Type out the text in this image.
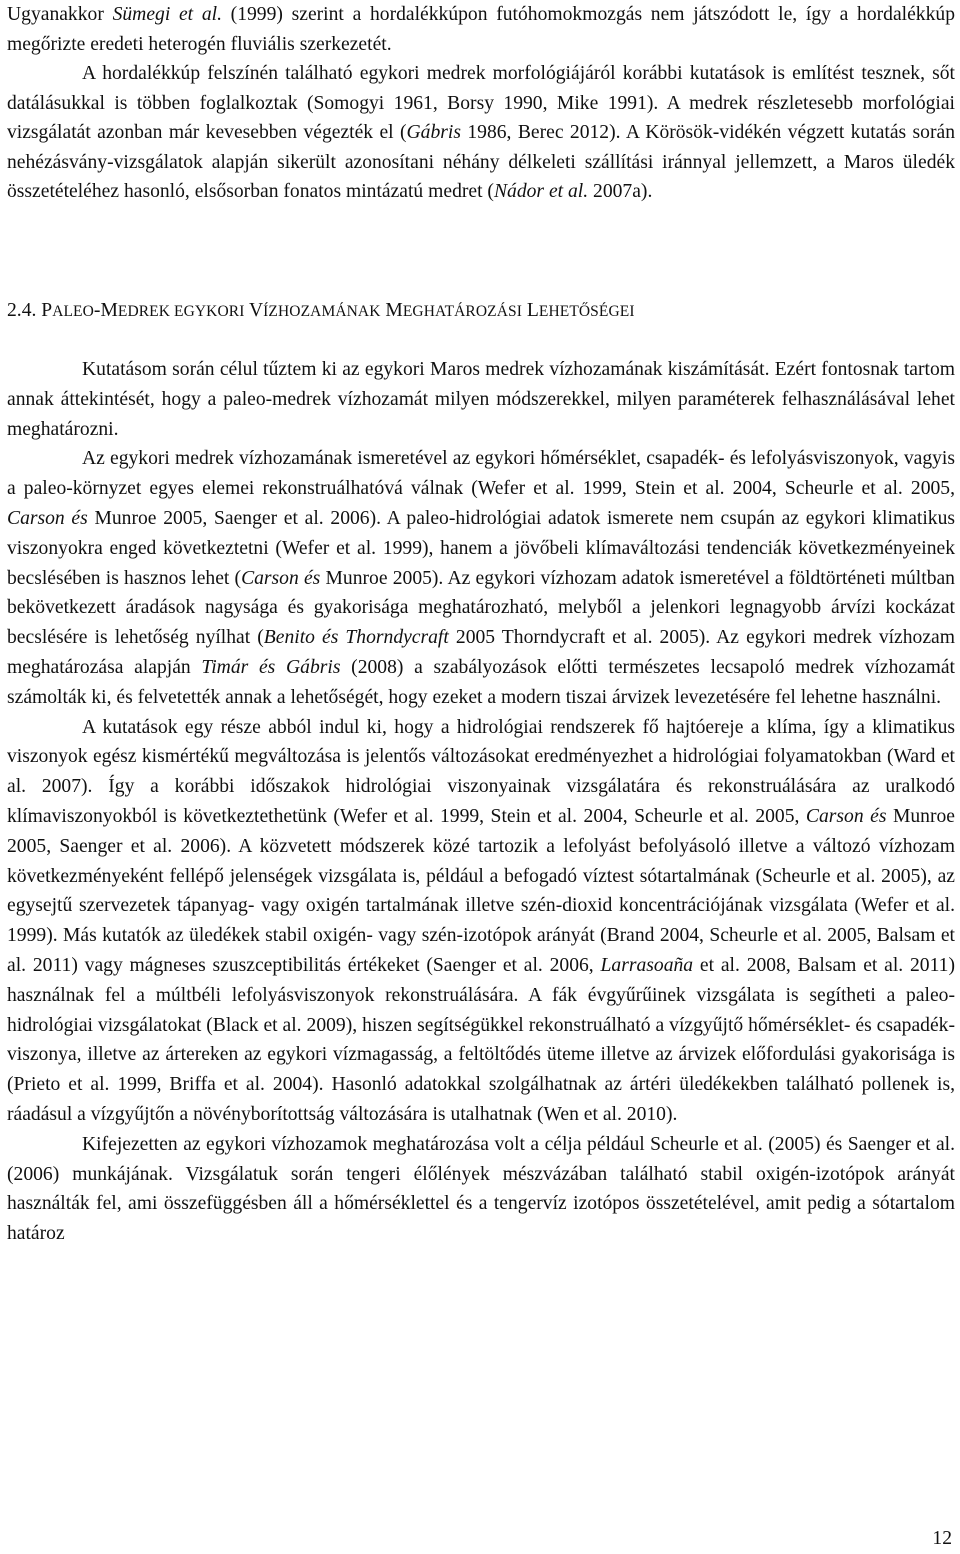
Ugyanakkor Sümegi et al. (1999) szerint a hordalékkúpon futóhomokmozgás nem játszódott le, így a hordalékkúp megőrizte eredeti heterogén fluviális szerkezetét.

A hordalékkúp felszínén található egykori medrek morfológiájáról korábbi kutatások is említést tesznek, sőt datálásukkal is többen foglalkoztak (Somogyi 1961, Borsy 1990, Mike 1991). A medrek részletesebb morfológiai vizsgálatát azonban már kevesebben végezték el (Gábris 1986, Berec 2012). A Körösök-vidékén végzett kutatás során nehézásvány-vizsgálatok alapján sikerült azonosítani néhány délkeleti szállítási iránnyal jellemzett, a Maros üledék összetételéhez hasonló, elsősorban fonatos mintázatú medret (Nádor et al. 2007a).

2.4. PALEO-MEDREK EGYKORI VÍZHOZAMÁNAK MEGHATÁROZÁSI LEHETŐSÉGEI

Kutatásom során célul tűztem ki az egykori Maros medrek vízhozamának kiszámítását. Ezért fontosnak tartom annak áttekintését, hogy a paleo-medrek vízhozamát milyen módszerekkel, milyen paraméterek felhasználásával lehet meghatározni.

Az egykori medrek vízhozamának ismeretével az egykori hőmérséklet, csapadék- és lefolyásviszonyok, vagyis a paleo-környzet egyes elemei rekonstruálhatóvá válnak (Wefer et al. 1999, Stein et al. 2004, Scheurle et al. 2005, Carson és Munroe 2005, Saenger et al. 2006). A paleo-hidrológiai adatok ismerete nem csupán az egykori klimatikus viszonyokra enged következtetni (Wefer et al. 1999), hanem a jövőbeli klímaváltozási tendenciák következményeinek becslésében is hasznos lehet (Carson és Munroe 2005). Az egykori vízhozam adatok ismeretével a földtörténeti múltban bekövetkezett áradások nagysága és gyakorisága meghatározható, melyből a jelenkori legnagyobb árvízi kockázat becslésére is lehetőség nyílhat (Benito és Thorndycraft 2005 Thorndycraft et al. 2005). Az egykori medrek vízhozam meghatározása alapján Timár és Gábris (2008) a szabályozások előtti természetes lecsapoló medrek vízhozamát számolták ki, és felvetették annak a lehetőségét, hogy ezeket a modern tiszai árvizek levezetésére fel lehetne használni.

A kutatások egy része abból indul ki, hogy a hidrológiai rendszerek fő hajtóereje a klíma, így a klimatikus viszonyok egész kismértékű megváltozása is jelentős változásokat eredményezhet a hidrológiai folyamatokban (Ward et al. 2007). Így a korábbi időszakok hidrológiai viszonyainak vizsgálatára és rekonstruálására az uralkodó klímaviszonyokból is következtethetünk (Wefer et al. 1999, Stein et al. 2004, Scheurle et al. 2005, Carson és Munroe 2005, Saenger et al. 2006). A közvetett módszerek közé tartozik a lefolyást befolyásoló illetve a változó vízhozam következményeként fellépő jelenségek vizsgálata is, például a befogadó víztest sótartalmának (Scheurle et al. 2005), az egysejtű szervezetek tápanyag- vagy oxigén tartalmának illetve szén-dioxid koncentrációjának vizsgálata (Wefer et al. 1999). Más kutatók az üledékek stabil oxigén- vagy szén-izotópok arányát (Brand 2004, Scheurle et al. 2005, Balsam et al. 2011) vagy mágneses szuszceptibilitás értékeket (Saenger et al. 2006, Larrasoaña et al. 2008, Balsam et al. 2011) használnak fel a múltbéli lefolyásviszonyok rekonstruálására. A fák évgyűrűinek vizsgálata is segítheti a paleo-hidrológiai vizsgálatokat (Black et al. 2009), hiszen segítségükkel rekonstruálható a vízgyűjtő hőmérséklet- és csapadék-viszonya, illetve az ártereken az egykori vízmagasság, a feltöltődés üteme illetve az árvizek előfordulási gyakorisága is (Prieto et al. 1999, Briffa et al. 2004). Hasonló adatokkal szolgálhatnak az ártéri üledékekben található pollenek is, ráadásul a vízgyűjtőn a növényborítottság változására is utalhatnak (Wen et al. 2010).

Kifejezetten az egykori vízhozamok meghatározása volt a célja például Scheurle et al. (2005) és Saenger et al. (2006) munkájának. Vizsgálatuk során tengeri élőlények mészvázában található stabil oxigén-izotópok arányát használták fel, ami összefüggésben áll a hőmérséklettel és a tengervíz izotópos összetételével, amit pedig a sótartalom határoz

12
